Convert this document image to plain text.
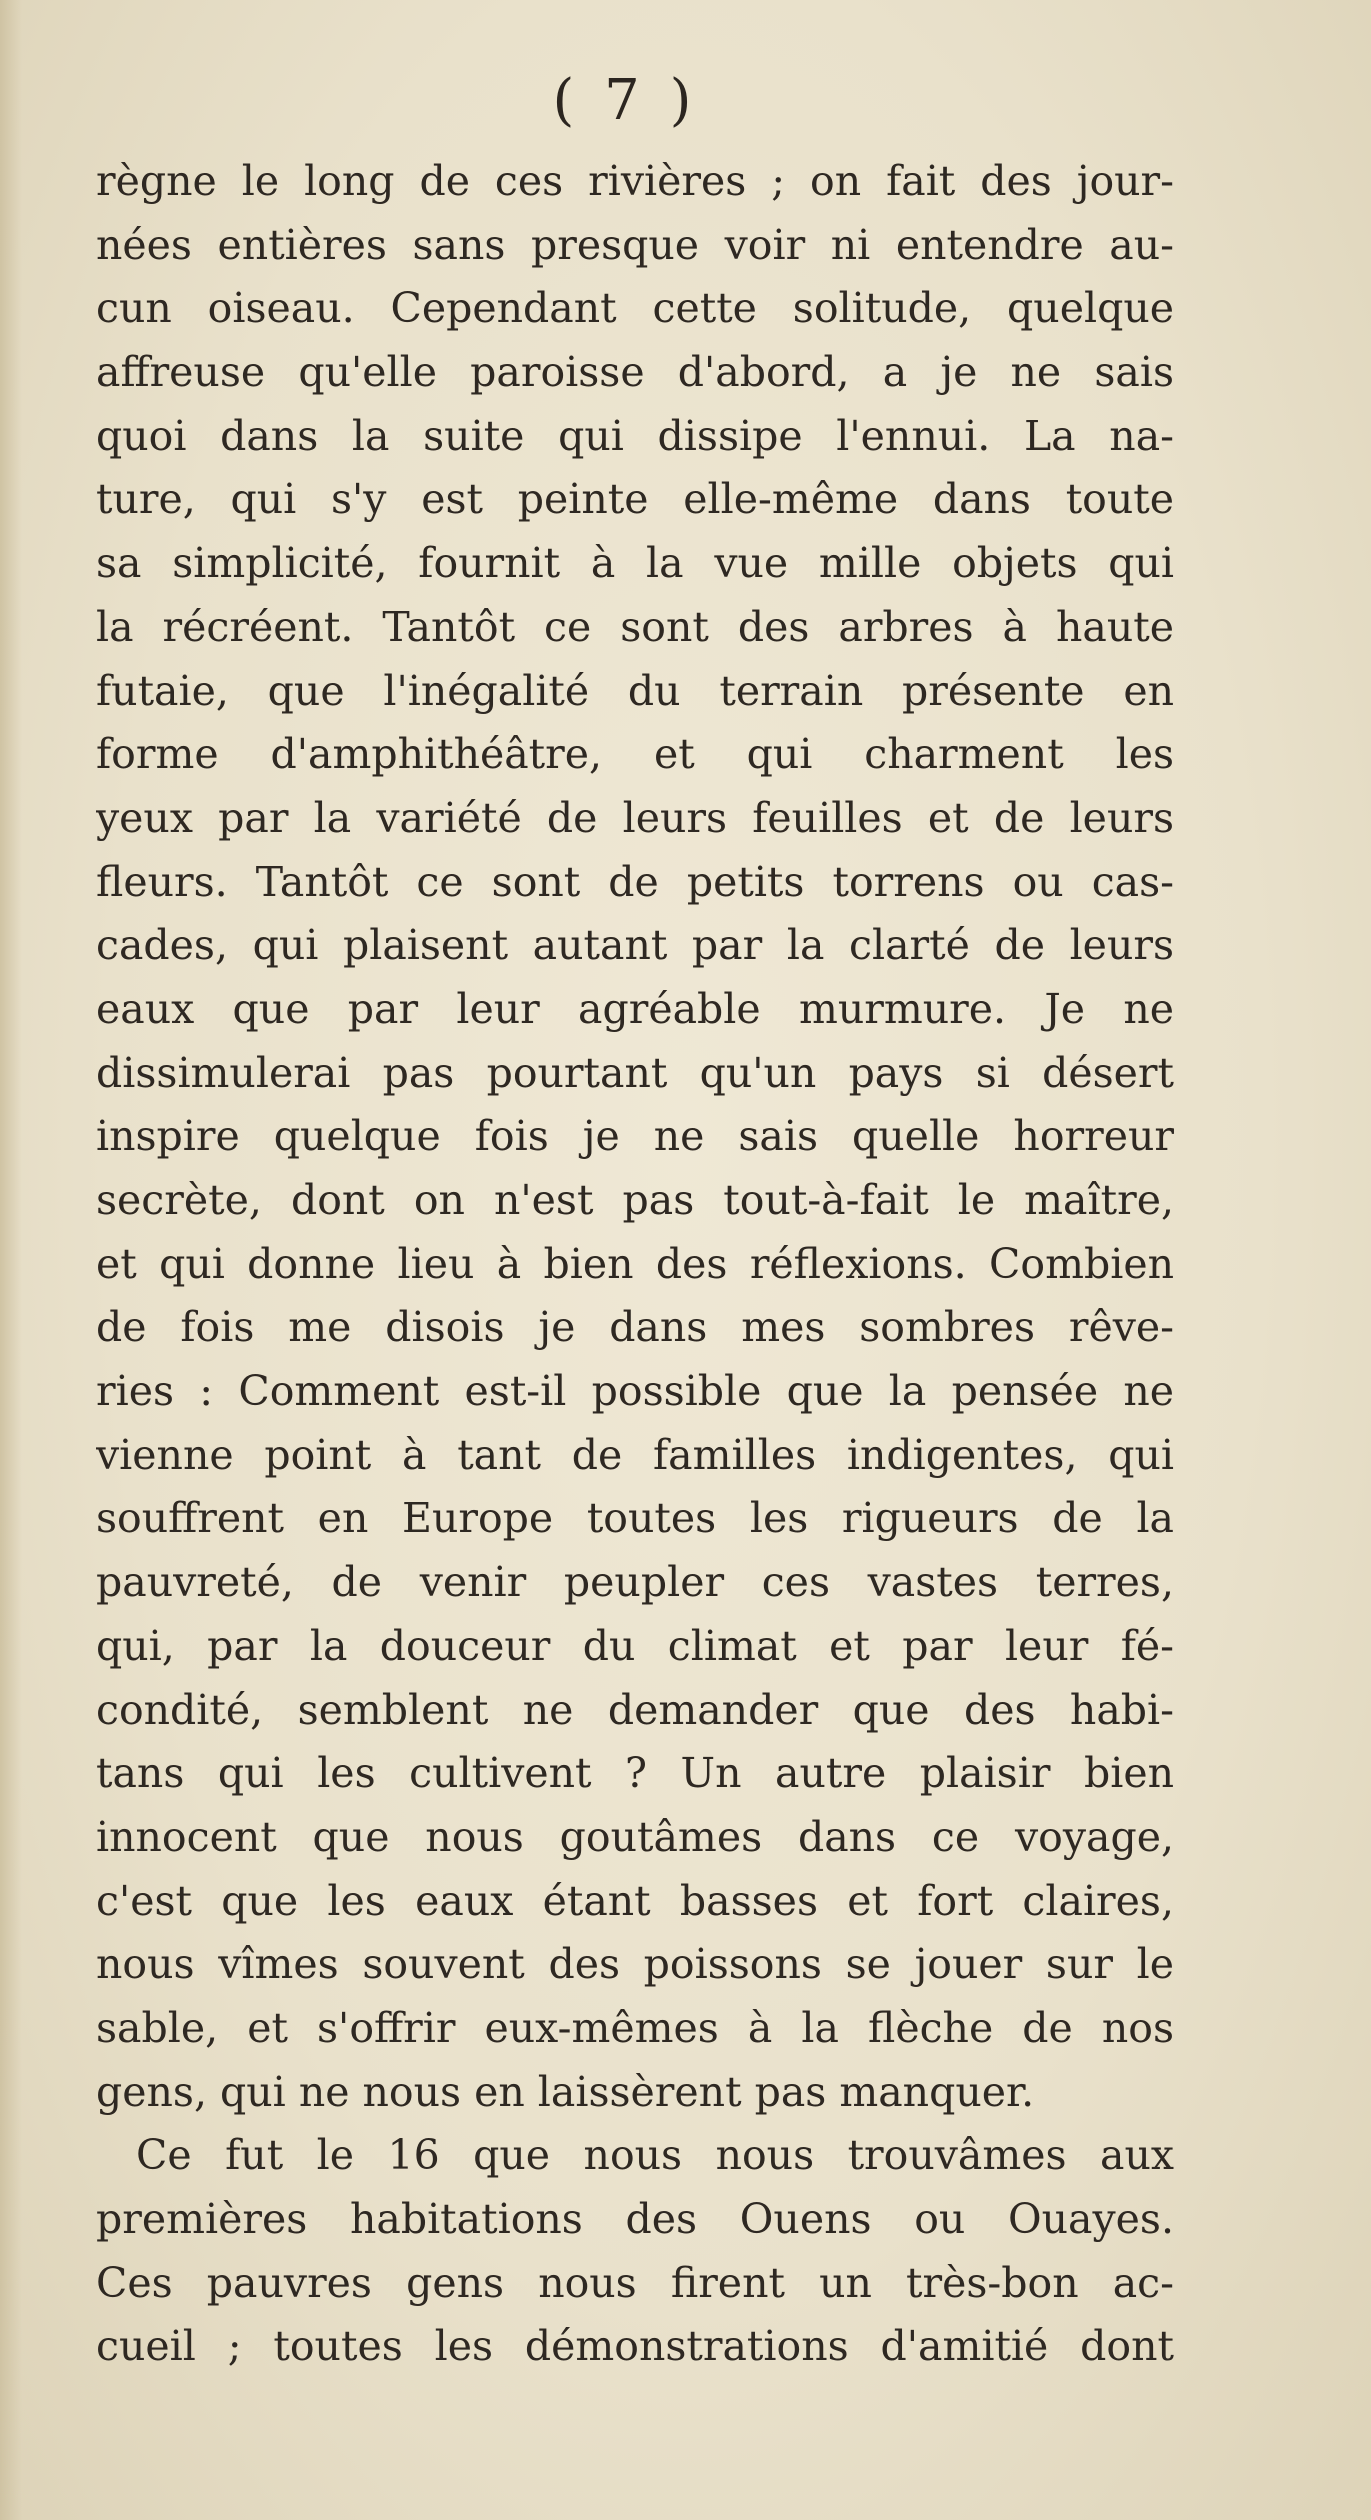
( 7 )
règne le long de ces rivières ; on fait des jour-
nées entières sans presque voir ni entendre au-
cun oiseau. Cependant cette solitude, quelque
affreuse qu'elle paroisse d'abord, a je ne sais
quoi dans la suite qui dissipe l'ennui. La na-
ture, qui s'y est peinte elle-même dans toute
sa simplicité, fournit à la vue mille objets qui
la récréent. Tantôt ce sont des arbres à haute
futaie, que l'inégalité du terrain présente en
forme d'amphithéâtre, et qui charment les
yeux par la variété de leurs feuilles et de leurs
fleurs. Tantôt ce sont de petits torrens ou cas-
cades, qui plaisent autant par la clarté de leurs
eaux que par leur agréable murmure. Je ne
dissimulerai pas pourtant qu'un pays si désert
inspire quelque fois je ne sais quelle horreur
secrète, dont on n'est pas tout-à-fait le maître,
et qui donne lieu à bien des réflexions. Combien
de fois me disois je dans mes sombres rêve-
ries : Comment est-il possible que la pensée ne
vienne point à tant de familles indigentes, qui
souffrent en Europe toutes les rigueurs de la
pauvreté, de venir peupler ces vastes terres,
qui, par la douceur du climat et par leur fé-
condité, semblent ne demander que des habi-
tans qui les cultivent ? Un autre plaisir bien
innocent que nous goutâmes dans ce voyage,
c'est que les eaux étant basses et fort claires,
nous vîmes souvent des poissons se jouer sur le
sable, et s'offrir eux-mêmes à la flèche de nos
gens, qui ne nous en laissèrent pas manquer.
Ce fut le 16 que nous nous trouvâmes aux
premières habitations des Ouens ou Ouayes.
Ces pauvres gens nous firent un très-bon ac-
cueil ; toutes les démonstrations d'amitié dont
